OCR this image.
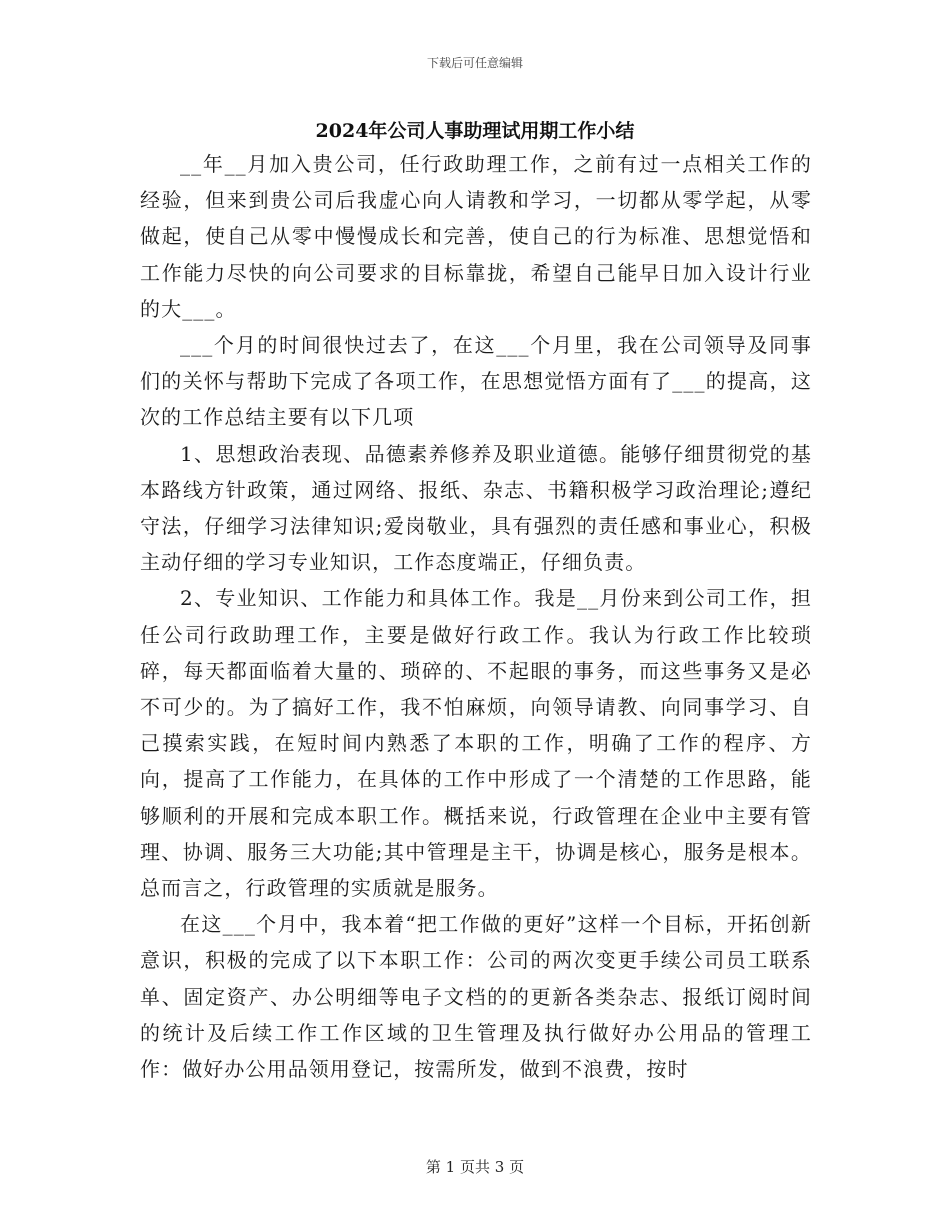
下载后可任意编辑
2024年公司人事助理试用期工作小结

__年__月加入贵公司，任行政助理工作，之前有过一点相关工作的经验，但来到贵公司后我虚心向人请教和学习，一切都从零学起，从零做起，使自己从零中慢慢成长和完善，使自己的行为标准、思想觉悟和工作能力尽快的向公司要求的目标靠拢，希望自己能早日加入设计行业的大___。

___个月的时间很快过去了，在这___个月里，我在公司领导及同事们的关怀与帮助下完成了各项工作，在思想觉悟方面有了___的提高，这次的工作总结主要有以下几项

1、思想政治表现、品德素养修养及职业道德。能够仔细贯彻党的基本路线方针政策，通过网络、报纸、杂志、书籍积极学习政治理论;遵纪守法，仔细学习法律知识;爱岗敬业，具有强烈的责任感和事业心，积极主动仔细的学习专业知识，工作态度端正，仔细负责。

2、专业知识、工作能力和具体工作。我是__月份来到公司工作，担任公司行政助理工作，主要是做好行政工作。我认为行政工作比较琐碎，每天都面临着大量的、琐碎的、不起眼的事务，而这些事务又是必不可少的。为了搞好工作，我不怕麻烦，向领导请教、向同事学习、自己摸索实践，在短时间内熟悉了本职的工作，明确了工作的程序、方向，提高了工作能力，在具体的工作中形成了一个清楚的工作思路，能够顺利的开展和完成本职工作。概括来说，行政管理在企业中主要有管理、协调、服务三大功能;其中管理是主干，协调是核心，服务是根本。总而言之，行政管理的实质就是服务。

在这___个月中，我本着“把工作做的更好”这样一个目标，开拓创新意识，积极的完成了以下本职工作：公司的两次变更手续公司员工联系单、固定资产、办公明细等电子文档的的更新各类杂志、报纸订阅时间的统计及后续工作工作区域的卫生管理及执行做好办公用品的管理工作：做好办公用品领用登记，按需所发，做到不浪费，按时

第 1 页共 3 页
